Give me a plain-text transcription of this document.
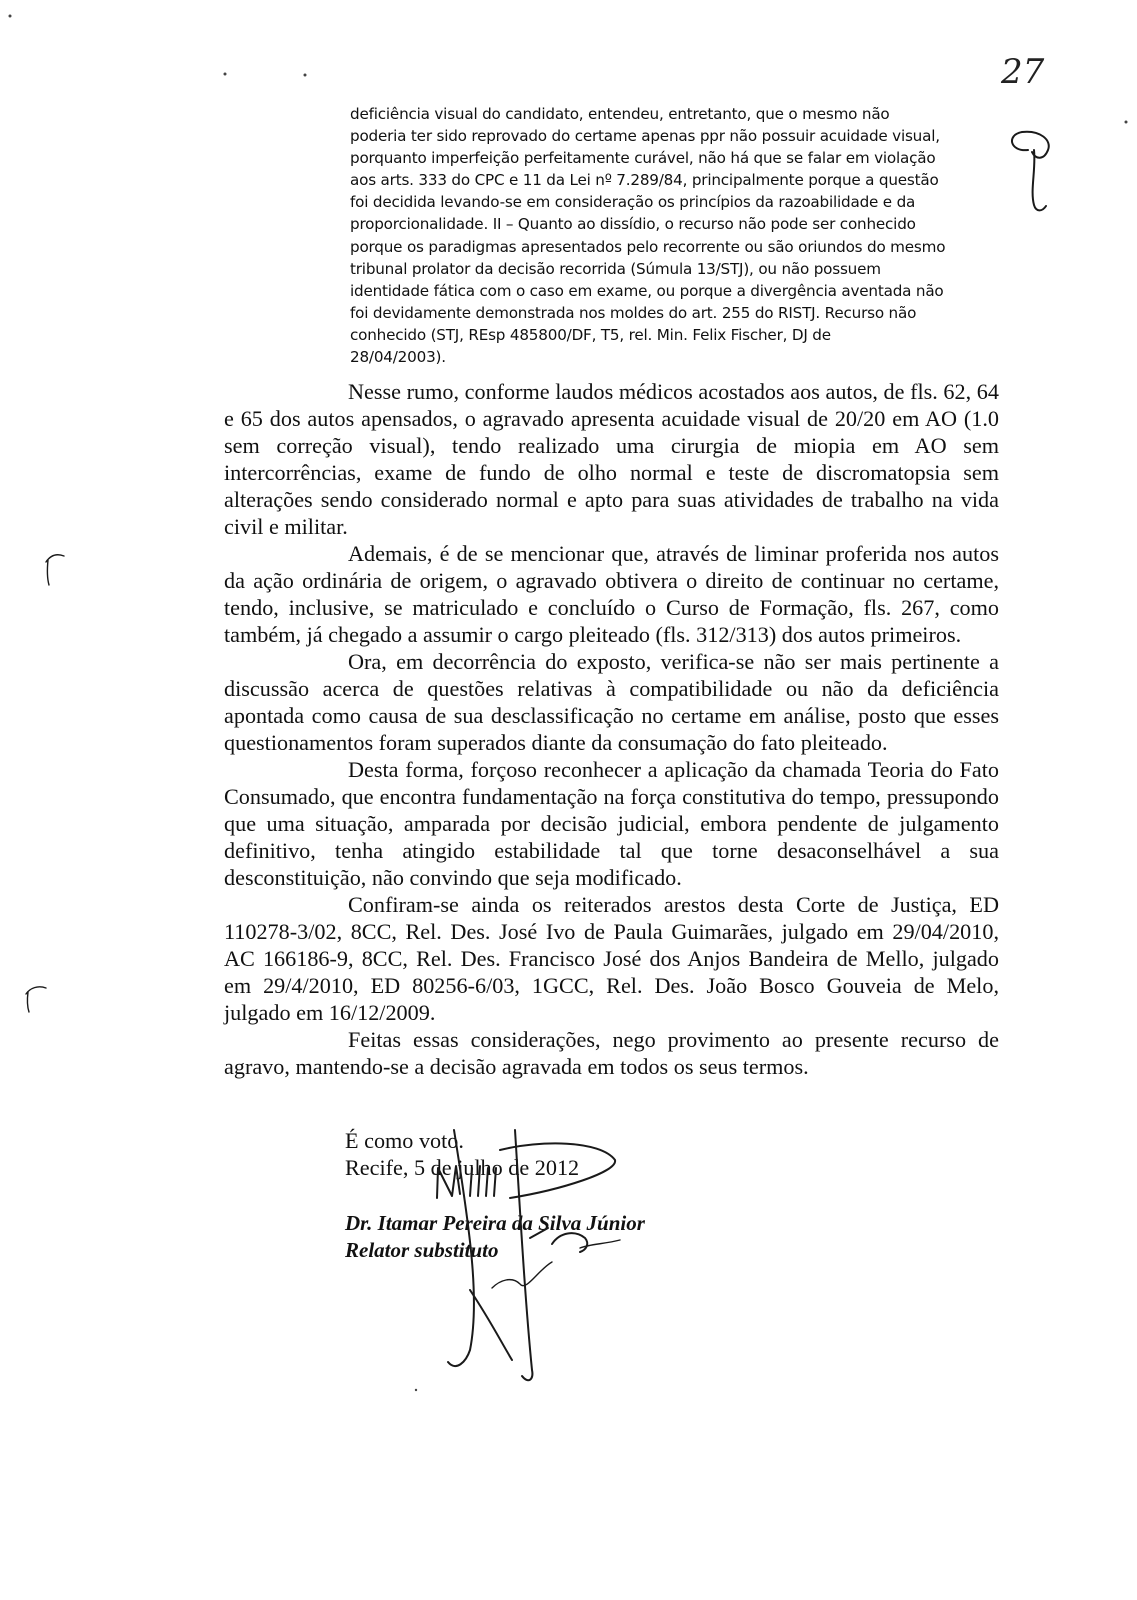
deficiência visual do candidato, entendeu, entretanto, que o mesmo não
poderia ter sido reprovado do certame apenas ppr não possuir acuidade visual,
porquanto imperfeição perfeitamente curável, não há que se falar em violação
aos arts. 333 do CPC e 11 da Lei nº 7.289/84, principalmente porque a questão
foi decidida levando-se em consideração os princípios da razoabilidade e da
proporcionalidade. II – Quanto ao dissídio, o recurso não pode ser conhecido
porque os paradigmas apresentados pelo recorrente ou são oriundos do mesmo
tribunal prolator da decisão recorrida (Súmula 13/STJ), ou não possuem
identidade fática com o caso em exame, ou porque a divergência aventada não
foi devidamente demonstrada nos moldes do art. 255 do RISTJ. Recurso não
conhecido (STJ, REsp 485800/DF, T5, rel. Min. Felix Fischer, DJ de
28/04/2003).

Nesse rumo, conforme laudos médicos acostados aos autos, de fls. 62, 64 e 65 dos autos apensados, o agravado apresenta acuidade visual de 20/20 em AO (1.0 sem correção visual), tendo realizado uma cirurgia de miopia em AO sem intercorrências, exame de fundo de olho normal e teste de discromatopsia sem alterações sendo considerado normal e apto para suas atividades de trabalho na vida civil e militar.

Ademais, é de se mencionar que, através de liminar proferida nos autos da ação ordinária de origem, o agravado obtivera o direito de continuar no certame, tendo, inclusive, se matriculado e concluído o Curso de Formação, fls. 267, como também, já chegado a assumir o cargo pleiteado (fls. 312/313) dos autos primeiros.

Ora, em decorrência do exposto, verifica-se não ser mais pertinente a discussão acerca de questões relativas à compatibilidade ou não da deficiência apontada como causa de sua desclassificação no certame em análise, posto que esses questionamentos foram superados diante da consumação do fato pleiteado.

Desta forma, forçoso reconhecer a aplicação da chamada Teoria do Fato Consumado, que encontra fundamentação na força constitutiva do tempo, pressupondo que uma situação, amparada por decisão judicial, embora pendente de julgamento definitivo, tenha atingido estabilidade tal que torne desaconselhável a sua desconstituição, não convindo que seja modificado.

Confiram-se ainda os reiterados arestos desta Corte de Justiça, ED 110278-3/02, 8CC, Rel. Des. José Ivo de Paula Guimarães, julgado em 29/04/2010, AC 166186-9, 8CC, Rel. Des. Francisco José dos Anjos Bandeira de Mello, julgado em 29/4/2010, ED 80256-6/03, 1GCC, Rel. Des. João Bosco Gouveia de Melo, julgado em 16/12/2009.

Feitas essas considerações, nego provimento ao presente recurso de agravo, mantendo-se a decisão agravada em todos os seus termos.

É como voto.
Recife, 5 de julho de 2012
Dr. Itamar Pereira da Silva Júnior
Relator substituto
27
